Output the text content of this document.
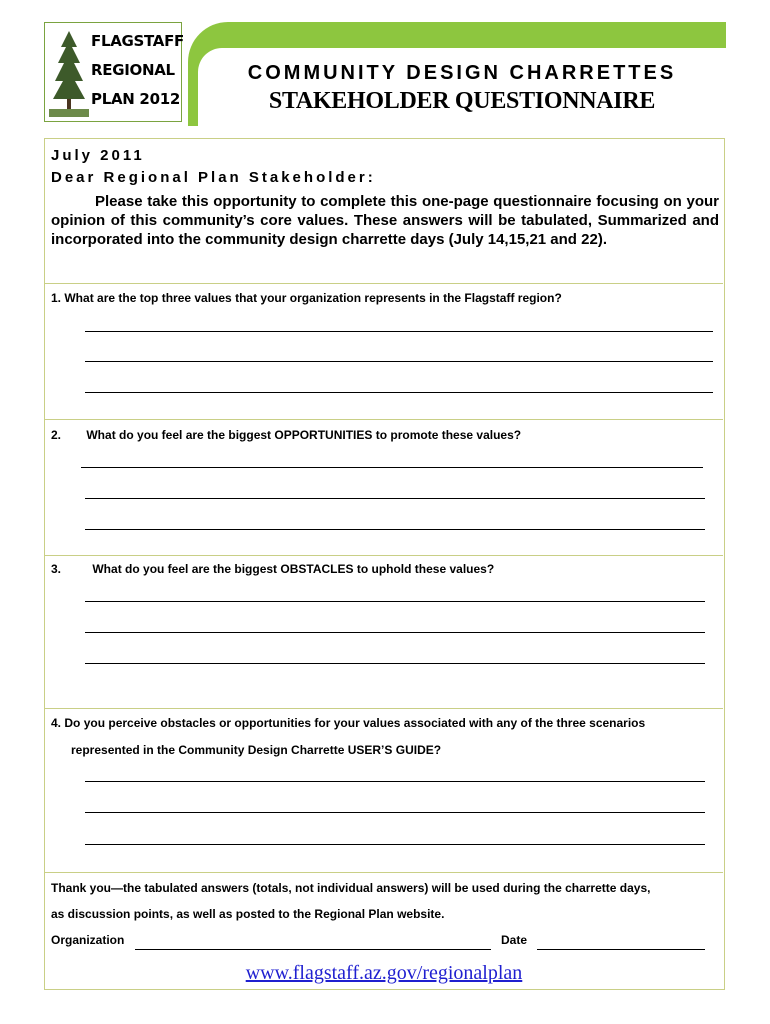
FLAGSTAFF
REGIONAL
PLAN 2012
COMMUNITY DESIGN CHARRETTES
STAKEHOLDER QUESTIONNAIRE
July 2011
Dear Regional Plan Stakeholder:
Please take this opportunity to complete this one-page questionnaire focusing on your opinion of this community’s core values. These answers will be tabulated, Summarized and incorporated into the community design charrette days (July 14,15,21 and 22).
1. What are the top three values that your organization represents in the Flagstaff region?
2. What do you feel are the biggest OPPORTUNITIES to promote these values?
3.	What do you feel are the biggest OBSTACLES to uphold these values?
4. Do you perceive obstacles or opportunities for your values associated with any of the three scenarios
represented in the Community Design Charrette USER’S GUIDE?
Thank you—the tabulated answers (totals, not individual answers) will be used during the charrette days,
as discussion points, as well as posted to the Regional Plan website.
Organization	Date
www.flagstaff.az.gov/regionalplan
